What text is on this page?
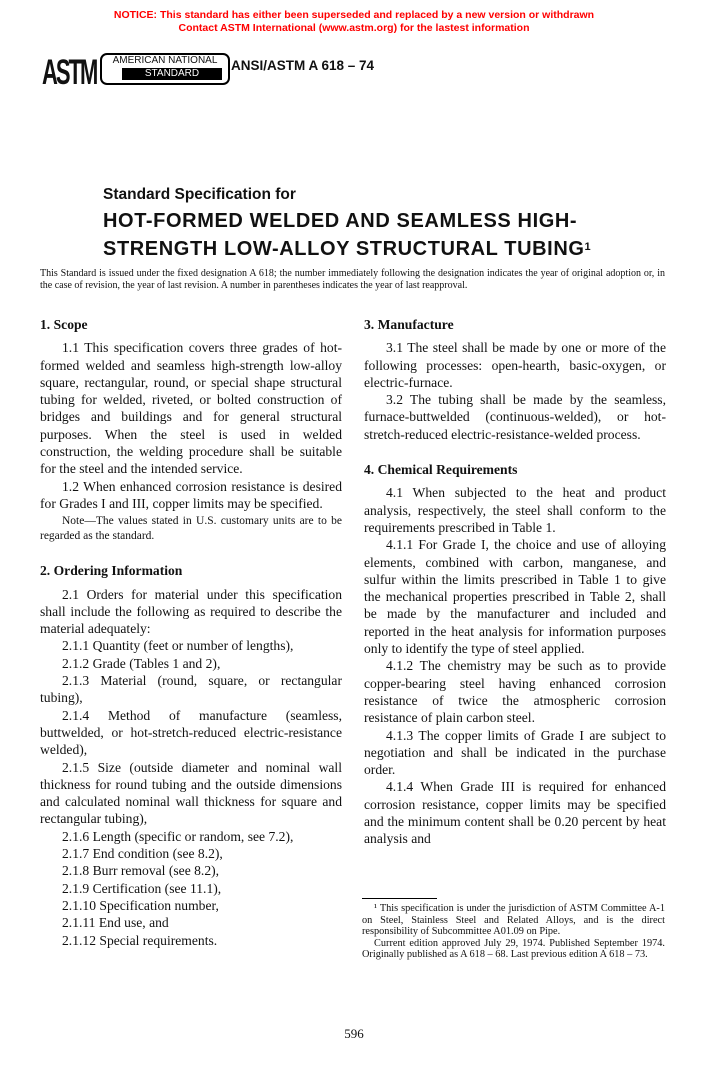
NOTICE: This standard has either been superseded and replaced by a new version or withdrawn
Contact ASTM International (www.astm.org) for the lastest information
ASTM	AMERICAN NATIONAL
STANDARD
ANSI/ASTM A 618 – 74
Standard Specification for
HOT-FORMED WELDED AND SEAMLESS HIGH-
STRENGTH LOW-ALLOY STRUCTURAL TUBING$^1$
This Standard is issued under the fixed designation A 618; the number immediately following the designation indicates the year of original adoption or, in the case of revision, the year of last revision. A number in parentheses indicates the year of last reapproval.
1. Scope

1.1 This specification covers three grades of hot-formed welded and seamless high-strength low-alloy square, rectangular, round, or special shape structural tubing for welded, riveted, or bolted construction of bridges and buildings and for general structural purposes. When the steel is used in welded construction, the welding procedure shall be suitable for the steel and the intended service.

1.2 When enhanced corrosion resistance is desired for Grades I and III, copper limits may be specified.

Note—The values stated in U.S. customary units are to be regarded as the standard.

2. Ordering Information

2.1 Orders for material under this specification shall include the following as required to describe the material adequately:

2.1.1 Quantity (feet or number of lengths),

2.1.2 Grade (Tables 1 and 2),

2.1.3 Material (round, square, or rectangular tubing),

2.1.4 Method of manufacture (seamless, buttwelded, or hot-stretch-reduced electric-resistance welded),

2.1.5 Size (outside diameter and nominal wall thickness for round tubing and the outside dimensions and calculated nominal wall thickness for square and rectangular tubing),

2.1.6 Length (specific or random, see 7.2),

2.1.7 End condition (see 8.2),

2.1.8 Burr removal (see 8.2),

2.1.9 Certification (see 11.1),

2.1.10 Specification number,

2.1.11 End use, and

2.1.12 Special requirements.

3. Manufacture

3.1 The steel shall be made by one or more of the following processes: open-hearth, basic-oxygen, or electric-furnace.

3.2 The tubing shall be made by the seamless, furnace-buttwelded (continuous-welded), or hot-stretch-reduced electric-resistance-welded process.

4. Chemical Requirements

4.1 When subjected to the heat and product analysis, respectively, the steel shall conform to the requirements prescribed in Table 1.

4.1.1 For Grade I, the choice and use of alloying elements, combined with carbon, manganese, and sulfur within the limits prescribed in Table 1 to give the mechanical properties prescribed in Table 2, shall be made by the manufacturer and included and reported in the heat analysis for information purposes only to identify the type of steel applied.

4.1.2 The chemistry may be such as to provide copper-bearing steel having enhanced corrosion resistance of twice the atmospheric corrosion resistance of plain carbon steel.

4.1.3 The copper limits of Grade I are subject to negotiation and shall be indicated in the purchase order.

4.1.4 When Grade III is required for enhanced corrosion resistance, copper limits may be specified and the minimum content shall be 0.20 percent by heat analysis and

¹ This specification is under the jurisdiction of ASTM Committee A-1 on Steel, Stainless Steel and Related Alloys, and is the direct responsibility of Subcommittee A01.09 on Pipe.

Current edition approved July 29, 1974. Published September 1974. Originally published as A 618 – 68. Last previous edition A 618 – 73.

596
